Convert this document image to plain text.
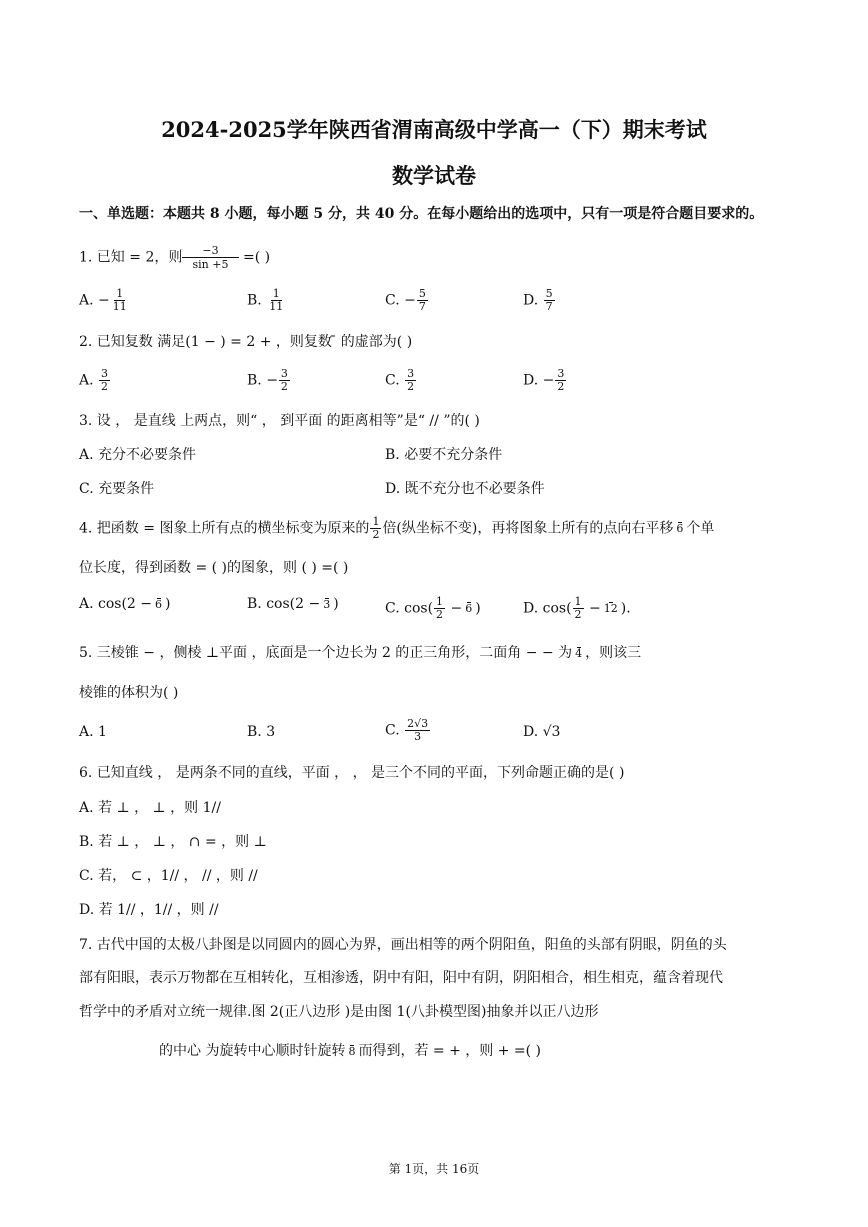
2024-2025学年陕西省渭南高级中学高一（下）期末考试
数学试卷
一、单选题：本题共 8 小题，每小题 5 分，共 40 分。在每小题给出的选项中，只有一项是符合题目要求的。
1. 已知 = 2，则 $\frac{-3}{\sin +5}$ =( )
A. − $\frac{1}{11}$	B. $\frac{1}{11}$	C. − $\frac{5}{7}$	D. $\frac{5}{7}$
2. 已知复数 满足(1 − ) = 2 + ，则复数 ̄ 的虚部为( )
A. $\frac{3}{2}$	B. − $\frac{3}{2}$	C. $\frac{3}{2}$	D. − $\frac{3}{2}$
3. 设 ， 是直线 上两点，则“ ， 到平面 的距离相等”是“ // ”的( )
A. 充分不必要条件	B. 必要不充分条件
C. 充要条件	D. 既不充分也不必要条件
4. 把函数 = 图象上所有点的横坐标变为原来的 $\frac{1}{2}$ 倍(纵坐标不变)，再将图象上所有的点向右平移 6 个单
位长度，得到函数 = ( )的图象，则 ( ) =( )
A. cos(2 − 6 )	B. cos(2 − 3 )	C. $\cos( \frac{1}{2} - 6$ )	D. $\cos( \frac{1}{2} - 12$ ).
5. 三棱锥 − ，侧棱 ⊥平面 ，底面是一个边长为 2 的正三角形，二面角 − − 为 4 ，则该三
棱锥的体积为( )
A. 1	B. 3	C. $\frac{2√3}{3}$	D. √3
6. 已知直线 ， 是两条不同的直线，平面 ， ， 是三个不同的平面，下列命题正确的是( )
A. 若 ⊥ ， ⊥ ，则 1//
B. 若 ⊥ ， ⊥ ， ∩ = ，则 ⊥
C. 若， ⊂ ，1// ， // ，则 //
D. 若 1// ，1// ，则 //
7. 古代中国的太极八卦图是以同圆内的圆心为界，画出相等的两个阴阳鱼，阳鱼的头部有阴眼，阴鱼的头
部有阳眼，表示万物都在互相转化，互相渗透，阴中有阳，阳中有阴，阴阳相合，相生相克，蕴含着现代
哲学中的矛盾对立统一规律.图 2(正八边形 )是由图 1(八卦模型图)抽象并以正八边形
的中心 为旋转中心顺时针旋转 8 而得到，若 = + ，则 + =( )
第 1页，共 16页
